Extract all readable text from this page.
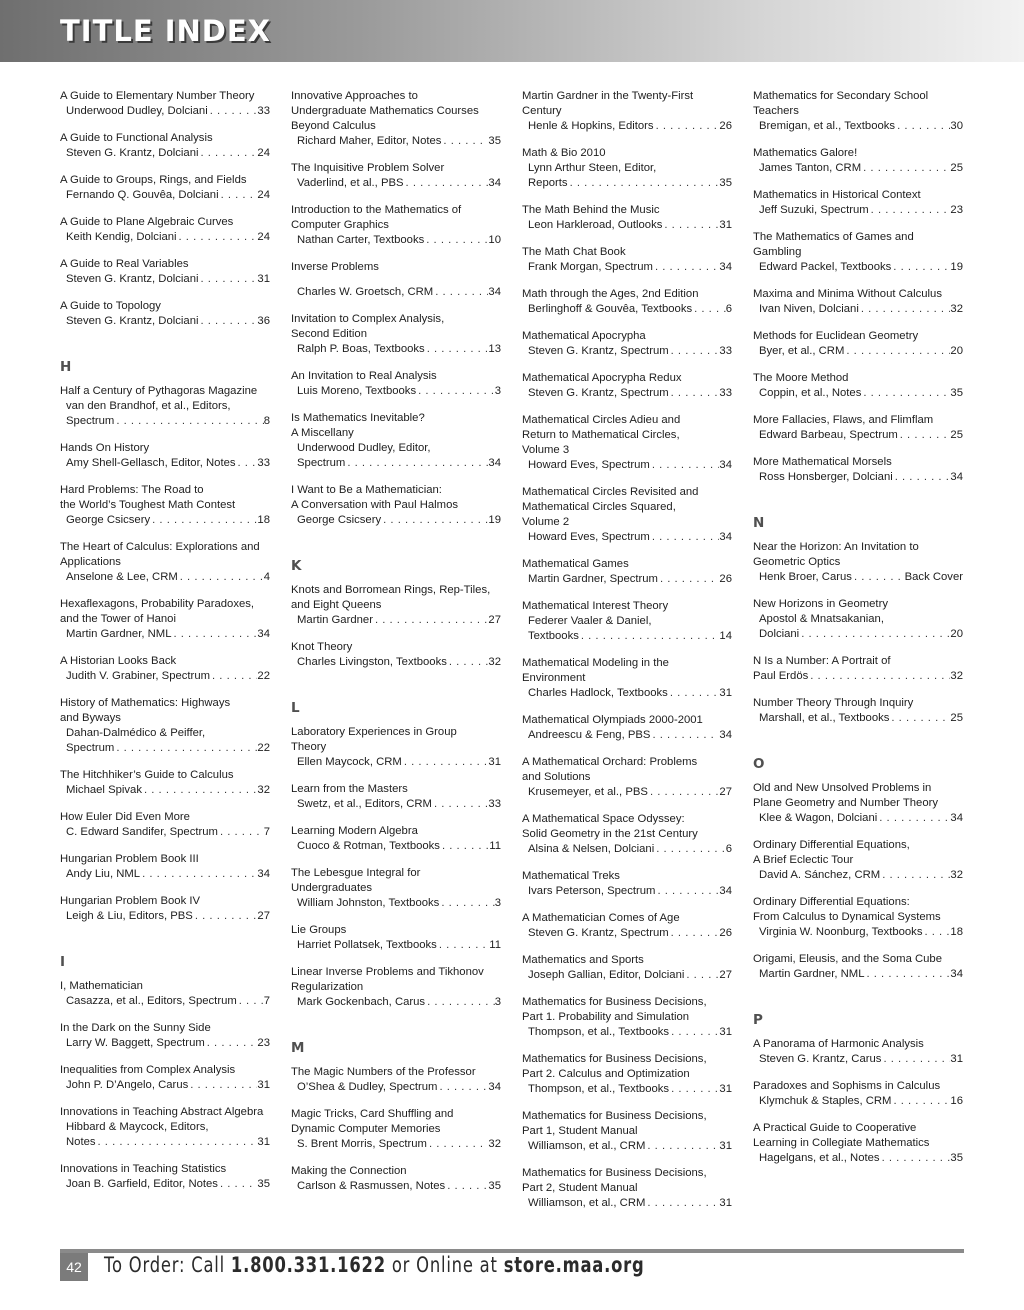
TITLE INDEX
A Guide to Elementary Number Theory
Underwood Dudley, Dolciani . . .	33
A Guide to Functional Analysis
Steven G. Krantz, Dolciani . . .	24
A Guide to Groups, Rings, and Fields
Fernando Q. Gouvêa, Dolciani . . .	24
A Guide to Plane Algebraic Curves
Keith Kendig, Dolciani . . .	24
A Guide to Real Variables
Steven G. Krantz, Dolciani . . .	31
A Guide to Topology
Steven G. Krantz, Dolciani . . .	36
H
Half a Century of Pythagoras Magazine
van den Brandhof, et al., Editors,
Spectrum . . .	8
Hands On History
Amy Shell-Gellasch, Editor, Notes . . . 33
Hard Problems: The Road to
the World’s Toughest Math Contest
George Csicsery . . .	18
The Heart of Calculus: Explorations and
Applications
Anselone & Lee, CRM . . .	4
Hexaflexagons, Probability Paradoxes,
and the Tower of Hanoi
Martin Gardner, NML . . .	34
A Historian Looks Back
Judith V. Grabiner, Spectrum . . .	22
History of Mathematics: Highways
and Byways
Dahan-Dalmédico & Peiffer,
Spectrum . . .	22
The Hitchhiker’s Guide to Calculus
Michael Spivak . . .	32
How Euler Did Even More
C. Edward Sandifer, Spectrum . . .	7
Hungarian Problem Book III
Andy Liu, NML . . .	34
Hungarian Problem Book IV
Leigh & Liu, Editors, PBS . . .	27
I
I, Mathematician
Casazza, et al., Editors, Spectrum . . . 7
In the Dark on the Sunny Side
Larry W. Baggett, Spectrum . . .	23
Inequalities from Complex Analysis
John P. D’Angelo, Carus . . .	31
Innovations in Teaching Abstract Algebra
Hibbard & Maycock, Editors,
Notes . . .	31
Innovations in Teaching Statistics
Joan B. Garfield, Editor, Notes . . .	35
Innovative Approaches to
Undergraduate Mathematics Courses
Beyond Calculus
Richard Maher, Editor, Notes . . .	35
The Inquisitive Problem Solver
Vaderlind, et al., PBS . . .	34
Introduction to the Mathematics of
Computer Graphics
Nathan Carter, Textbooks . . .	10
Inverse Problems
Charles W. Groetsch, CRM . . .	34
Invitation to Complex Analysis,
Second Edition
Ralph P. Boas, Textbooks . . .	13
An Invitation to Real Analysis
Luis Moreno, Textbooks . . .	3
Is Mathematics Inevitable?
A Miscellany
Underwood Dudley, Editor,
Spectrum . . .	34
I Want to Be a Mathematician:
A Conversation with Paul Halmos
George Csicsery . . .	19
K
Knots and Borromean Rings, Rep-Tiles,
and Eight Queens
Martin Gardner . . .	27
Knot Theory
Charles Livingston, Textbooks . . .	32
L
Laboratory Experiences in Group
Theory
Ellen Maycock, CRM . . .	31
Learn from the Masters
Swetz, et al., Editors, CRM . . .	33
Learning Modern Algebra
Cuoco & Rotman, Textbooks . . .	11
The Lebesgue Integral for
Undergraduates
William Johnston, Textbooks . . .	3
Lie Groups
Harriet Pollatsek, Textbooks . . .	11
Linear Inverse Problems and Tikhonov
Regularization
Mark Gockenbach, Carus . . .	3
M
The Magic Numbers of the Professor
O’Shea & Dudley, Spectrum . . .	34
Magic Tricks, Card Shuffling and
Dynamic Computer Memories
S. Brent Morris, Spectrum . . .	32
Making the Connection
Carlson & Rasmussen, Notes . . .	35
Martin Gardner in the Twenty-First
Century
Henle & Hopkins, Editors . . .	26
Math & Bio 2010
Lynn Arthur Steen, Editor,
Reports . . .	35
The Math Behind the Music
Leon Harkleroad, Outlooks . . .	31
The Math Chat Book
Frank Morgan, Spectrum . . .	34
Math through the Ages, 2nd Edition
Berlinghoff & Gouvêa, Textbooks . . .	6
Mathematical Apocrypha
Steven G. Krantz, Spectrum . . .	33
Mathematical Apocrypha Redux
Steven G. Krantz, Spectrum . . .	33
Mathematical Circles Adieu and
Return to Mathematical Circles,
Volume 3
Howard Eves, Spectrum . . .	34
Mathematical Circles Revisited and
Mathematical Circles Squared,
Volume 2
Howard Eves, Spectrum . . .	34
Mathematical Games
Martin Gardner, Spectrum . . .	26
Mathematical Interest Theory
Federer Vaaler & Daniel,
Textbooks . . .	14
Mathematical Modeling in the
Environment
Charles Hadlock, Textbooks . . .	31
Mathematical Olympiads 2000-2001
Andreescu & Feng, PBS . . .	34
A Mathematical Orchard: Problems
and Solutions
Krusemeyer, et al., PBS . . .	27
A Mathematical Space Odyssey:
Solid Geometry in the 21st Century
Alsina & Nelsen, Dolciani . . .	6
Mathematical Treks
Ivars Peterson, Spectrum . . .	34
A Mathematician Comes of Age
Steven G. Krantz, Spectrum . . .	26
Mathematics and Sports
Joseph Gallian, Editor, Dolciani . . .	27
Mathematics for Business Decisions,
Part 1. Probability and Simulation
Thompson, et al., Textbooks . . .	31
Mathematics for Business Decisions,
Part 2. Calculus and Optimization
Thompson, et al., Textbooks . . .	31
Mathematics for Business Decisions,
Part 1, Student Manual
Williamson, et al., CRM . . .	31
Mathematics for Business Decisions,
Part 2, Student Manual
Williamson, et al., CRM . . .	31
Mathematics for Secondary School
Teachers
Bremigan, et al., Textbooks . . .	30
Mathematics Galore!
James Tanton, CRM . . .	25
Mathematics in Historical Context
Jeff Suzuki, Spectrum . . .	23
The Mathematics of Games and
Gambling
Edward Packel, Textbooks . . .	19
Maxima and Minima Without Calculus
Ivan Niven, Dolciani . . .	32
Methods for Euclidean Geometry
Byer, et al., CRM . . .	20
The Moore Method
Coppin, et al., Notes . . .	35
More Fallacies, Flaws, and Flimflam
Edward Barbeau, Spectrum . . .	25
More Mathematical Morsels
Ross Honsberger, Dolciani . . .	34
N
Near the Horizon: An Invitation to
Geometric Optics
Henk Broer, Carus . . .	Back Cover
New Horizons in Geometry
Apostol & Mnatsakanian,
Dolciani . . .	20
N Is a Number: A Portrait of
Paul Erdös . . .	32
Number Theory Through Inquiry
Marshall, et al., Textbooks . . .	25
O
Old and New Unsolved Problems in
Plane Geometry and Number Theory
Klee & Wagon, Dolciani . . .	34
Ordinary Differential Equations,
A Brief Eclectic Tour
David A. Sánchez, CRM . . .	32
Ordinary Differential Equations:
From Calculus to Dynamical Systems
Virginia W. Noonburg, Textbooks . . . 18
Origami, Eleusis, and the Soma Cube
Martin Gardner, NML . . .	34
P
A Panorama of Harmonic Analysis
Steven G. Krantz, Carus . . .	31
Paradoxes and Sophisms in Calculus
Klymchuk & Staples, CRM . . .	16
A Practical Guide to Cooperative
Learning in Collegiate Mathematics
Hagelgans, et al., Notes . . .	35
42 To Order: Call 1.800.331.1622 or Online at store.maa.org
